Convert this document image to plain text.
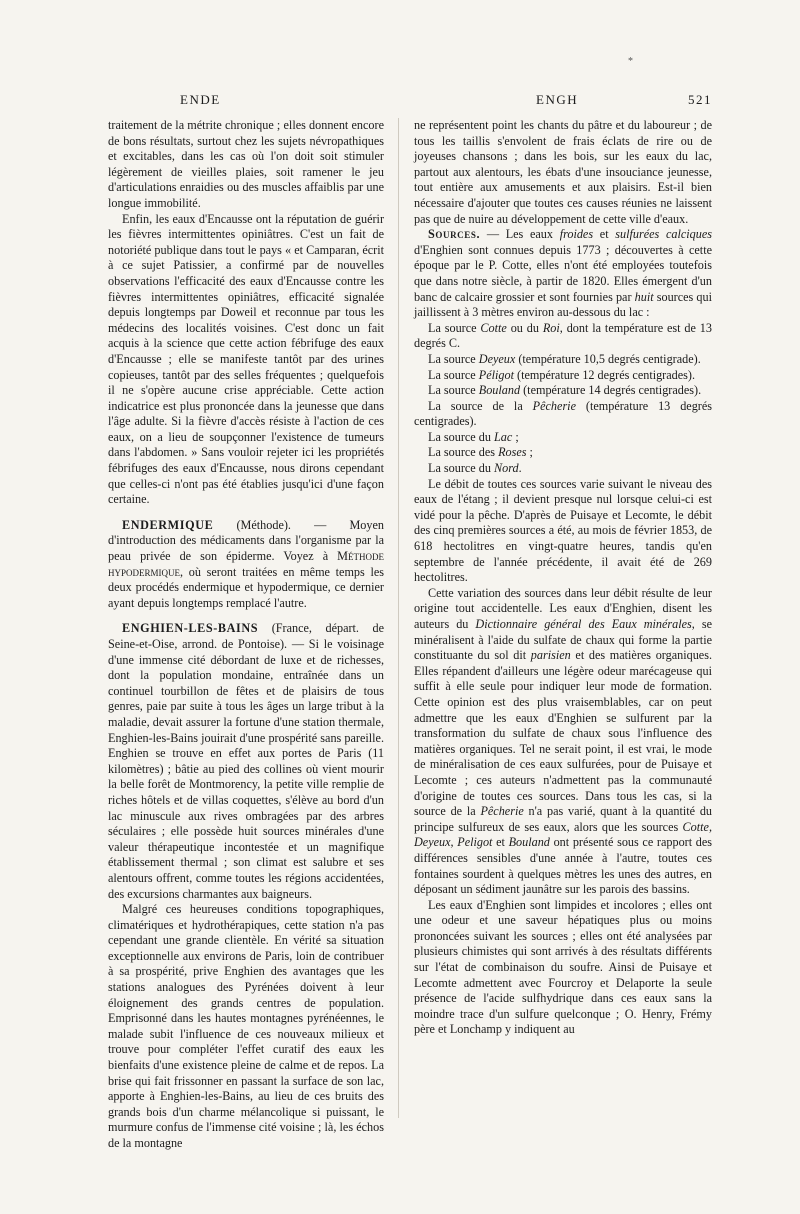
*
ENDE	ENGH	521

traitement de la métrite chronique ; elles donnent encore de bons résultats, surtout chez les sujets névropathiques et excitables, dans les cas où l'on doit soit stimuler légèrement de vieilles plaies, soit ramener le jeu d'articulations enraidies ou des muscles affaiblis par une longue immobilité.

Enfin, les eaux d'Encausse ont la réputation de guérir les fièvres intermittentes opiniâtres. C'est un fait de notoriété publique dans tout le pays « et Camparan, écrit à ce sujet Patissier, a confirmé par de nouvelles observations l'efficacité des eaux d'Encausse contre les fièvres intermittentes opiniâtres, efficacité signalée depuis longtemps par Doweil et reconnue par tous les médecins des localités voisines. C'est donc un fait acquis à la science que cette action fébrifuge des eaux d'Encausse ; elle se manifeste tantôt par des urines copieuses, tantôt par des selles fréquentes ; quelquefois il ne s'opère aucune crise appréciable. Cette action indicatrice est plus prononcée dans la jeunesse que dans l'âge adulte. Si la fièvre d'accès résiste à l'action de ces eaux, on a lieu de soupçonner l'existence de tumeurs dans l'abdomen. » Sans vouloir rejeter ici les propriétés fébrifuges des eaux d'Encausse, nous dirons cependant que celles-ci n'ont pas été établies jusqu'ici d'une façon certaine.

ENDERMIQUE (Méthode). — Moyen d'introduction des médicaments dans l'organisme par la peau privée de son épiderme. Voyez à Méthode hypodermique, où seront traitées en même temps les deux procédés endermique et hypodermique, ce dernier ayant depuis longtemps remplacé l'autre.

ENGHIEN-LES-BAINS (France, départ. de Seine-et-Oise, arrond. de Pontoise). — Si le voisinage d'une immense cité débordant de luxe et de richesses, dont la population mondaine, entraînée dans un continuel tourbillon de fêtes et de plaisirs de tous genres, paie par suite à tous les âges un large tribut à la maladie, devait assurer la fortune d'une station thermale, Enghien-les-Bains jouirait d'une prospérité sans pareille. Enghien se trouve en effet aux portes de Paris (11 kilomètres) ; bâtie au pied des collines où vient mourir la belle forêt de Montmorency, la petite ville remplie de riches hôtels et de villas coquettes, s'élève au bord d'un lac minuscule aux rives ombragées par des arbres séculaires ; elle possède huit sources minérales d'une valeur thérapeutique incontestée et un magnifique établissement thermal ; son climat est salubre et ses alentours offrent, comme toutes les régions accidentées, des excursions charmantes aux baigneurs.

Malgré ces heureuses conditions topographiques, climatériques et hydrothérapiques, cette station n'a pas cependant une grande clientèle. En vérité sa situation exceptionnelle aux environs de Paris, loin de contribuer à sa prospérité, prive Enghien des avantages que les stations analogues des Pyrénées doivent à leur éloignement des grands centres de population. Emprisonné dans les hautes montagnes pyrénéennes, le malade subit l'influence de ces nouveaux milieux et trouve pour compléter l'effet curatif des eaux les bienfaits d'une existence pleine de calme et de repos. La brise qui fait frissonner en passant la surface de son lac, apporte à Enghien-les-Bains, au lieu de ces bruits des grands bois d'un charme mélancolique si puissant, le murmure confus de l'immense cité voisine ; là, les échos de la montagne

ne représentent point les chants du pâtre et du laboureur ; de tous les taillis s'envolent de frais éclats de rire ou de joyeuses chansons ; dans les bois, sur les eaux du lac, partout aux alentours, les ébats d'une insouciance jeunesse, tout entière aux amusements et aux plaisirs. Est-il bien nécessaire d'ajouter que toutes ces causes réunies ne laissent pas que de nuire au développement de cette ville d'eaux.

Sources. — Les eaux froides et sulfurées calciques d'Enghien sont connues depuis 1773 ; découvertes à cette époque par le P. Cotte, elles n'ont été employées toutefois que dans notre siècle, à partir de 1820. Elles émergent d'un banc de calcaire grossier et sont fournies par huit sources qui jaillissent à 3 mètres environ au-dessous du lac :

La source Cotte ou du Roi, dont la température est de 13 degrés C.

La source Deyeux (température 10,5 degrés centigrade).

La source Péligot (température 12 degrés centigrades).

La source Bouland (température 14 degrés centigrades).

La source de la Pêcherie (température 13 degrés centigrades).

La source du Lac ;

La source des Roses ;

La source du Nord.

Le débit de toutes ces sources varie suivant le niveau des eaux de l'étang ; il devient presque nul lorsque celui-ci est vidé pour la pêche. D'après de Puisaye et Lecomte, le débit des cinq premières sources a été, au mois de février 1853, de 618 hectolitres en vingt-quatre heures, tandis qu'en septembre de l'année précédente, il avait été de 269 hectolitres.

Cette variation des sources dans leur débit résulte de leur origine tout accidentelle. Les eaux d'Enghien, disent les auteurs du Dictionnaire général des Eaux minérales, se minéralisent à l'aide du sulfate de chaux qui forme la partie constituante du sol dit parisien et des matières organiques. Elles répandent d'ailleurs une légère odeur marécageuse qui suffit à elle seule pour indiquer leur mode de formation. Cette opinion est des plus vraisemblables, car on peut admettre que les eaux d'Enghien se sulfurent par la transformation du sulfate de chaux sous l'influence des matières organiques. Tel ne serait point, il est vrai, le mode de minéralisation de ces eaux sulfurées, pour de Puisaye et Lecomte ; ces auteurs n'admettent pas la communauté d'origine de toutes ces sources. Dans tous les cas, si la source de la Pêcherie n'a pas varié, quant à la quantité du principe sulfureux de ses eaux, alors que les sources Cotte, Deyeux, Peligot et Bouland ont présenté sous ce rapport des différences sensibles d'une année à l'autre, toutes ces fontaines sourdent à quelques mètres les unes des autres, en déposant un sédiment jaunâtre sur les parois des bassins.

Les eaux d'Enghien sont limpides et incolores ; elles ont une odeur et une saveur hépatiques plus ou moins prononcées suivant les sources ; elles ont été analysées par plusieurs chimistes qui sont arrivés à des résultats différents sur l'état de combinaison du soufre. Ainsi de Puisaye et Lecomte admettent avec Fourcroy et Delaporte la seule présence de l'acide sulfhydrique dans ces eaux sans la moindre trace d'un sulfure quelconque ; O. Henry, Frémy père et Lonchamp y indiquent au
